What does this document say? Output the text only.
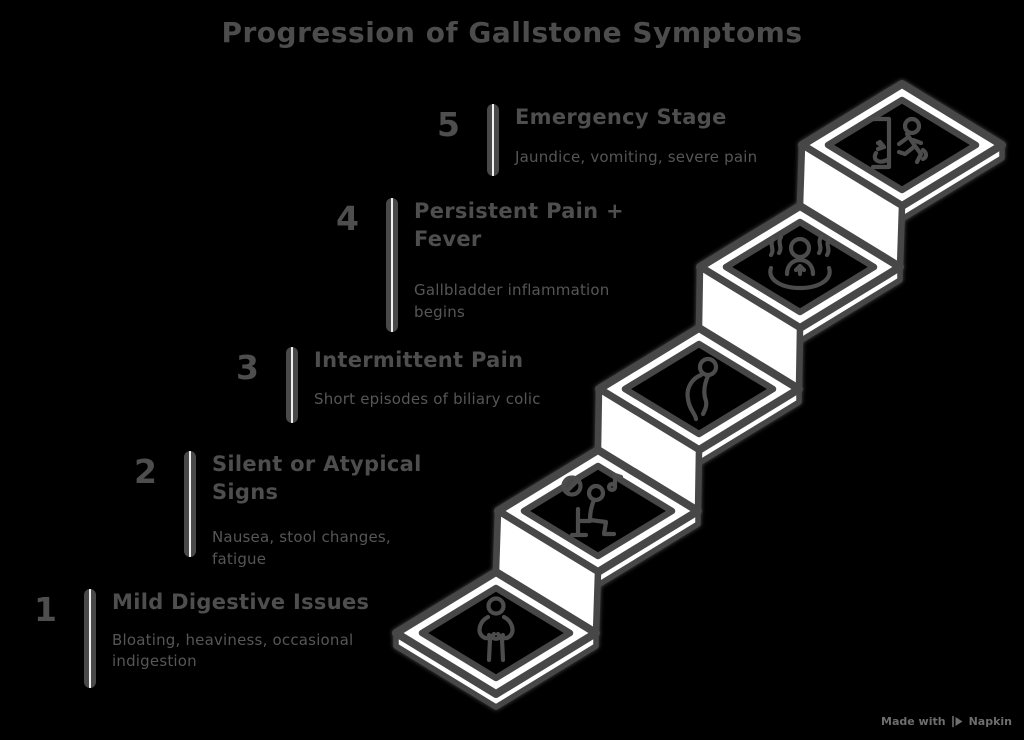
Progression of Gallstone Symptoms
1	Mild Digestive Issues
Bloating, heaviness, occasional indigestion
2	Silent or Atypical Signs
Nausea, stool changes, fatigue
3	Intermittent Pain
Short episodes of biliary colic
4	Persistent Pain + Fever
Gallbladder inflammation begins
5	Emergency Stage
Jaundice, vomiting, severe pain
Made with Napkin
